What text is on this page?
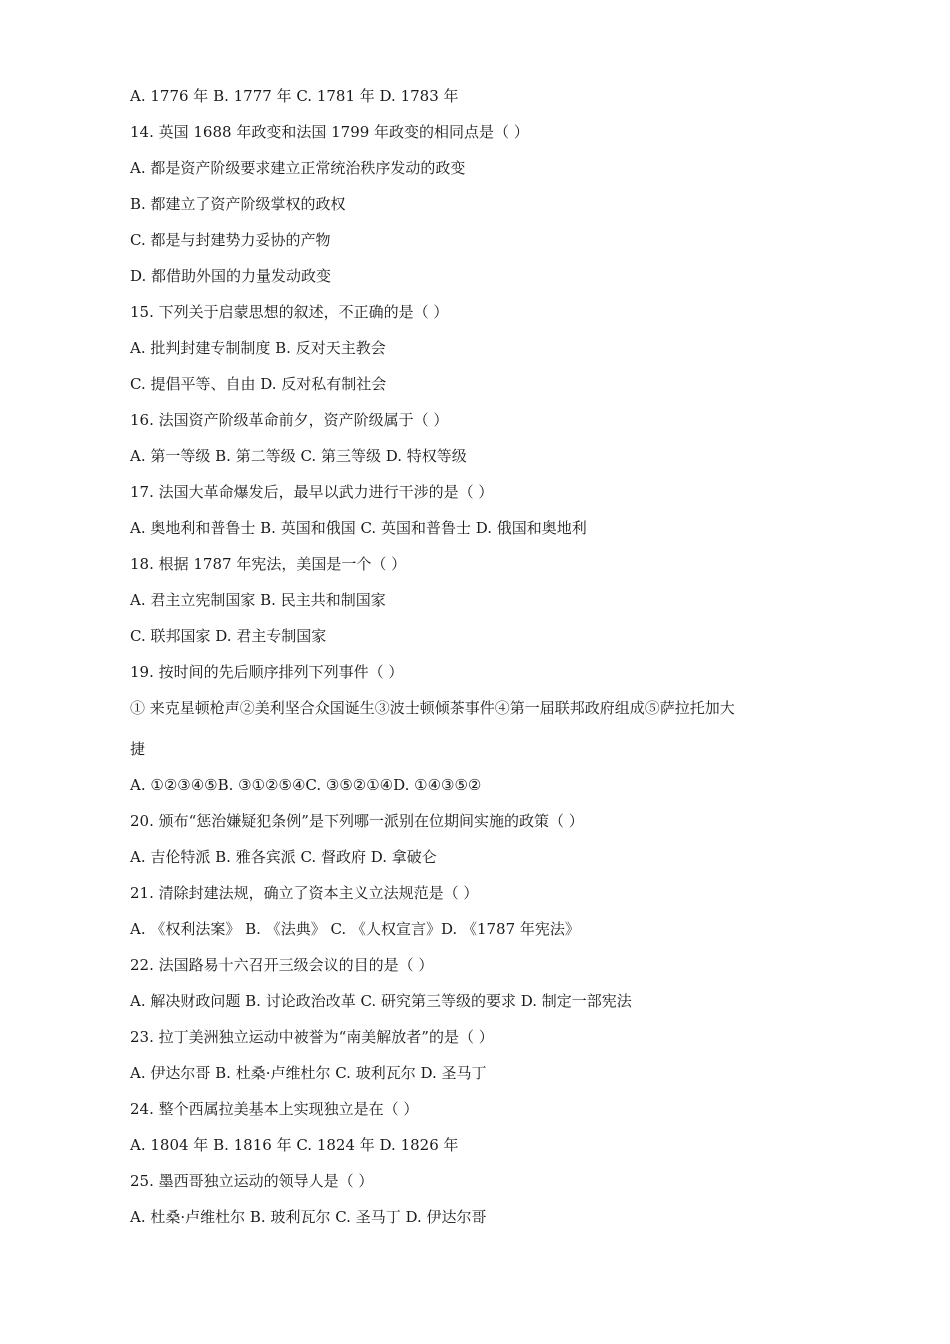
A. 1776 年 B. 1777 年 C. 1781 年 D. 1783 年
14. 英国 1688 年政变和法国 1799 年政变的相同点是（ ）
A. 都是资产阶级要求建立正常统治秩序发动的政变
B. 都建立了资产阶级掌权的政权
C. 都是与封建势力妥协的产物
D. 都借助外国的力量发动政变
15. 下列关于启蒙思想的叙述，不正确的是（ ）
A. 批判封建专制制度 B. 反对天主教会
C. 提倡平等、自由 D. 反对私有制社会
16. 法国资产阶级革命前夕，资产阶级属于（ ）
A. 第一等级 B. 第二等级 C. 第三等级 D. 特权等级
17. 法国大革命爆发后，最早以武力进行干涉的是（ ）
A. 奥地利和普鲁士 B. 英国和俄国 C. 英国和普鲁士 D. 俄国和奥地利
18. 根据 1787 年宪法，美国是一个（ ）
A. 君主立宪制国家 B. 民主共和制国家
C. 联邦国家 D. 君主专制国家
19. 按时间的先后顺序排列下列事件（ ）
① 来克星顿枪声②美利坚合众国诞生③波士顿倾茶事件④第一届联邦政府组成⑤萨拉托加大
捷
A. ①②③④⑤B. ③①②⑤④C. ③⑤②①④D. ①④③⑤②
20. 颁布“惩治嫌疑犯条例”是下列哪一派别在位期间实施的政策（ ）
A. 吉伦特派 B. 雅各宾派 C. 督政府 D. 拿破仑
21. 清除封建法规，确立了资本主义立法规范是（ ）
A. 《权利法案》 B. 《法典》 C. 《人权宣言》D. 《1787 年宪法》
22. 法国路易十六召开三级会议的目的是（ ）
A. 解决财政问题 B. 讨论政治改革 C. 研究第三等级的要求 D. 制定一部宪法
23. 拉丁美洲独立运动中被誉为“南美解放者”的是（ ）
A. 伊达尔哥 B. 杜桑·卢维杜尔 C. 玻利瓦尔 D. 圣马丁
24. 整个西属拉美基本上实现独立是在（ ）
A. 1804 年 B. 1816 年 C. 1824 年 D. 1826 年
25. 墨西哥独立运动的领导人是（ ）
A. 杜桑·卢维杜尔 B. 玻利瓦尔 C. 圣马丁 D. 伊达尔哥
